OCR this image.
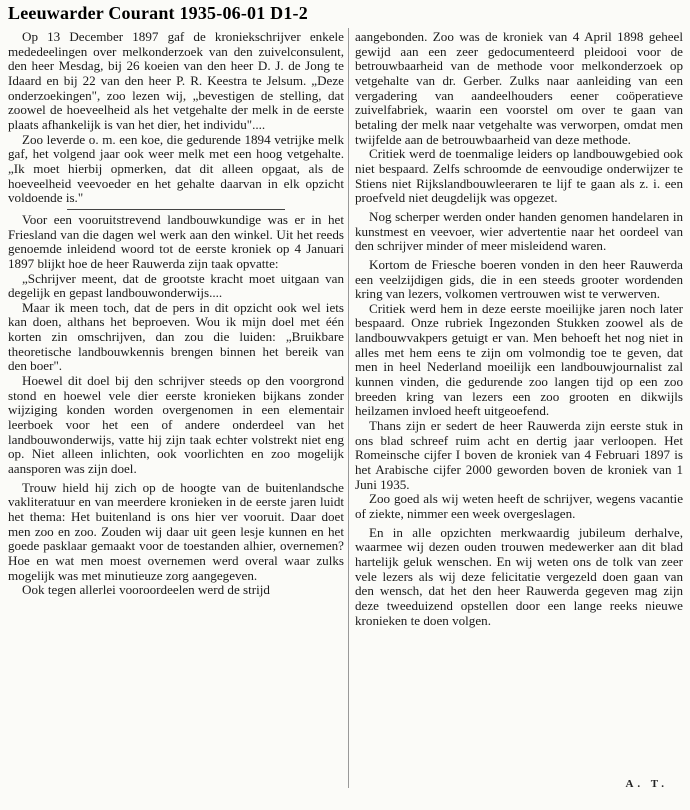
Leeuwarder Courant 1935-06-01 D1-2

Op 13 December 1897 gaf de kroniekschrijver enkele mededeelingen over melkonderzoek van den zuivelconsulent, den heer Mesdag, bij 26 koeien van den heer D. J. de Jong te Idaard en bij 22 van den heer P. R. Keestra te Jelsum. „Deze onderzoekingen", zoo lezen wij, „bevestigen de stelling, dat zoowel de hoeveelheid als het vetgehalte der melk in de eerste plaats afhankelijk is van het dier, het individu"....

Zoo leverde o. m. een koe, die gedurende 1894 vetrijke melk gaf, het volgend jaar ook weer melk met een hoog vetgehalte. „Ik moet hierbij opmerken, dat dit alleen opgaat, als de hoeveelheid veevoeder en het gehalte daarvan in elk opzicht voldoende is."

Voor een vooruitstrevend landbouwkundige was er in het Friesland van die dagen wel werk aan den winkel. Uit het reeds genoemde inleidend woord tot de eerste kroniek op 4 Januari 1897 blijkt hoe de heer Rauwerda zijn taak opvatte:

„Schrijver meent, dat de grootste kracht moet uitgaan van degelijk en gepast landbouwonderwijs....

Maar ik meen toch, dat de pers in dit opzicht ook wel iets kan doen, althans het beproeven. Wou ik mijn doel met één korten zin omschrijven, dan zou die luiden: „Bruikbare theoretische landbouwkennis brengen binnen het bereik van den boer".

Hoewel dit doel bij den schrijver steeds op den voorgrond stond en hoewel vele dier eerste kronieken bijkans zonder wijziging konden worden overgenomen in een elementair leerboek voor het een of andere onderdeel van het landbouwonderwijs, vatte hij zijn taak echter volstrekt niet eng op. Niet alleen inlichten, ook voorlichten en zoo mogelijk aansporen was zijn doel.

Trouw hield hij zich op de hoogte van de buitenlandsche vakliteratuur en van meerdere kronieken in de eerste jaren luidt het thema: Het buitenland is ons hier ver vooruit. Daar doet men zoo en zoo. Zouden wij daar uit geen lesje kunnen en het goede pasklaar gemaakt voor de toestanden alhier, overnemen? Hoe en wat men moest overnemen werd overal waar zulks mogelijk was met minutieuze zorg aangegeven.

Ook tegen allerlei vooroordeelen werd de strijd

aangebonden. Zoo was de kroniek van 4 April 1898 geheel gewijd aan een zeer gedocumenteerd pleidooi voor de betrouwbaarheid van de methode voor melkonderzoek op vetgehalte van dr. Gerber. Zulks naar aanleiding van een vergadering van aandeelhouders eener coöperatieve zuivelfabriek, waarin een voorstel om over te gaan van betaling der melk naar vetgehalte was verworpen, omdat men twijfelde aan de betrouwbaarheid van deze methode.

Critiek werd de toenmalige leiders op landbouwgebied ook niet bespaard. Zelfs schroomde de eenvoudige onderwijzer te Stiens niet Rijkslandbouwleeraren te lijf te gaan als z. i. een proefveld niet deugdelijk was opgezet.

Nog scherper werden onder handen genomen handelaren in kunstmest en veevoer, wier advertentie naar het oordeel van den schrijver minder of meer misleidend waren.

Kortom de Friesche boeren vonden in den heer Rauwerda een veelzijdigen gids, die in een steeds grooter wordenden kring van lezers, volkomen vertrouwen wist te verwerven.

Critiek werd hem in deze eerste moeilijke jaren noch later bespaard. Onze rubriek Ingezonden Stukken zoowel als de landbouwvakpers getuigt er van. Men behoeft het nog niet in alles met hem eens te zijn om volmondig toe te geven, dat men in heel Nederland moeilijk een landbouwjournalist zal kunnen vinden, die gedurende zoo langen tijd op een zoo breeden kring van lezers een zoo grooten en dikwijls heilzamen invloed heeft uitgeoefend.

Thans zijn er sedert de heer Rauwerda zijn eerste stuk in ons blad schreef ruim acht en dertig jaar verloopen. Het Romeinsche cijfer I boven de kroniek van 4 Februari 1897 is het Arabische cijfer 2000 geworden boven de kroniek van 1 Juni 1935.

Zoo goed als wij weten heeft de schrijver, wegens vacantie of ziekte, nimmer een week overgeslagen.

En in alle opzichten merkwaardig jubileum derhalve, waarmee wij dezen ouden trouwen medewerker aan dit blad hartelijk geluk wenschen. En wij weten ons de tolk van zeer vele lezers als wij deze felicitatie vergezeld doen gaan van den wensch, dat het den heer Rauwerda gegeven mag zijn deze tweeduizend opstellen door een lange reeks nieuwe kronieken te doen volgen.

A. T.
